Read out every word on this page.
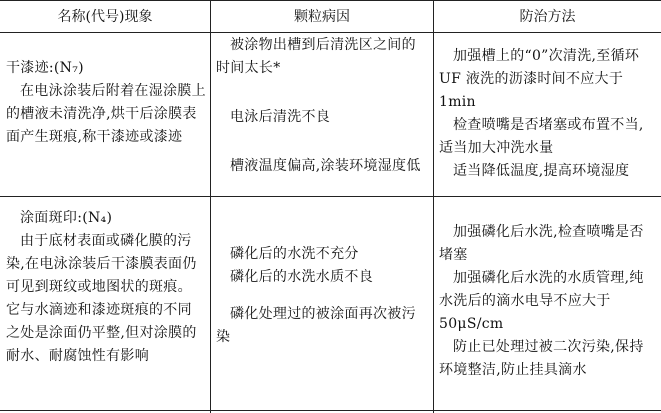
名称(代号)现象	颗粒病因	防治方法
干漆迹:(N₇)
在电泳涂装后附着在湿涂膜上的槽液未清洗净,烘干后涂膜表面产生斑痕,称干漆迹或漆迹
被涂物出槽到后清洗区之间的时间太长*
电泳后清洗不良
槽液温度偏高,涂装环境湿度低
加强槽上的“0”次清洗,至循环 UF 液洗的沥漆时间不应大于1min
检查喷嘴是否堵塞或布置不当,适当加大冲洗水量
适当降低温度,提高环境湿度
涂面斑印:(N₄)
由于底材表面或磷化膜的污染,在电泳涂装后干漆膜表面仍可见到斑纹或地图状的斑痕。它与水滴迹和漆迹斑痕的不同之处是涂面仍平整,但对涂膜的耐水、耐腐蚀性有影响
磷化后的水洗不充分
磷化后的水洗水质不良
磷化处理过的被涂面再次被污染
加强磷化后水洗,检查喷嘴是否堵塞
加强磷化后水洗的水质管理,纯水洗后的滴水电导不应大于50μS/cm
防止已处理过被二次污染,保持环境整洁,防止挂具滴水
